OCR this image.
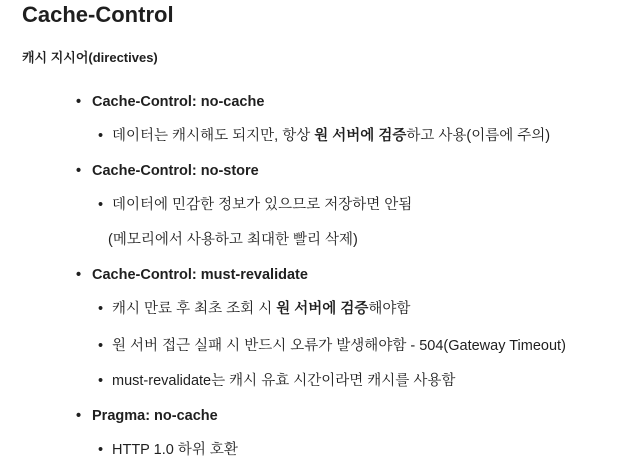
Cache-Control
캐시 지시어(directives)
• Cache-Control: no-cache
• 데이터는 캐시해도 되지만, 항상 원 서버에 검증하고 사용(이름에 주의)
• Cache-Control: no-store
• 데이터에 민감한 정보가 있으므로 저장하면 안됨
(메모리에서 사용하고 최대한 빨리 삭제)
• Cache-Control: must-revalidate
• 캐시 만료 후 최초 조회 시 원 서버에 검증해야함
• 원 서버 접근 실패 시 반드시 오류가 발생해야함 - 504(Gateway Timeout)
• must-revalidate는 캐시 유효 시간이라면 캐시를 사용함
• Pragma: no-cache
• HTTP 1.0 하위 호환
